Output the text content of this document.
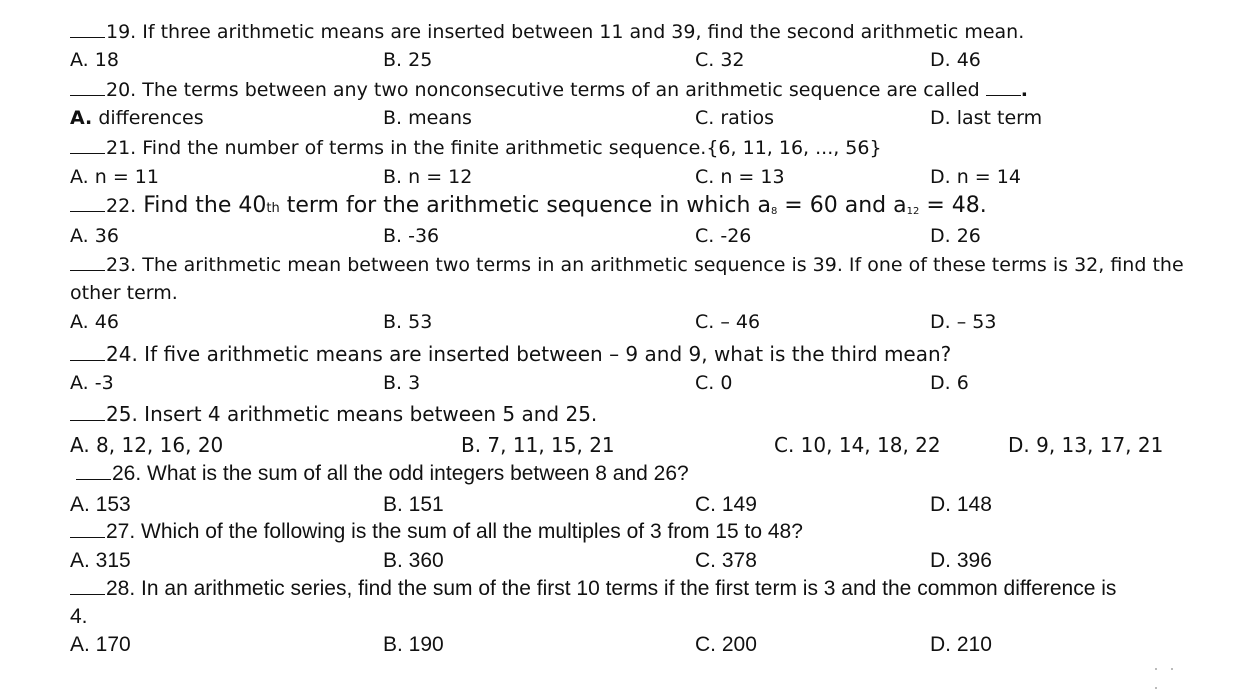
19. If three arithmetic means are inserted between 11 and 39, find the second arithmetic mean.
A. 18	B. 25	C. 32	D. 46
20. The terms between any two nonconsecutive terms of an arithmetic sequence are called .
A. differences	B. means	C. ratios	D. last term
21. Find the number of terms in the finite arithmetic sequence.{6, 11, 16, ..., 56}
A. n = 11	B. n = 12	C. n = 13	D. n = 14
22. Find the 40th term for the arithmetic sequence in which $a_8 = 60$ and $a_{12} = 48$.
A. 36	B. -36	C. -26	D. 26
23. The arithmetic mean between two terms in an arithmetic sequence is 39. If one of these terms is 32, find the other term.
A. 46	B. 53	C. – 46	D. – 53
24. If five arithmetic means are inserted between – 9 and 9, what is the third mean?
A. -3	B. 3	C. 0	D. 6
25. Insert 4 arithmetic means between 5 and 25.
A. 8, 12, 16, 20	B. 7, 11, 15, 21	C. 10, 14, 18, 22	D. 9, 13, 17, 21
26. What is the sum of all the odd integers between 8 and 26?
A. 153	B. 151	C. 149	D. 148
27. Which of the following is the sum of all the multiples of 3 from 15 to 48?
A. 315	B. 360	C. 378	D. 396
28. In an arithmetic series, find the sum of the first 10 terms if the first term is 3 and the common difference is 4.
A. 170	B. 190	C. 200	D. 210
